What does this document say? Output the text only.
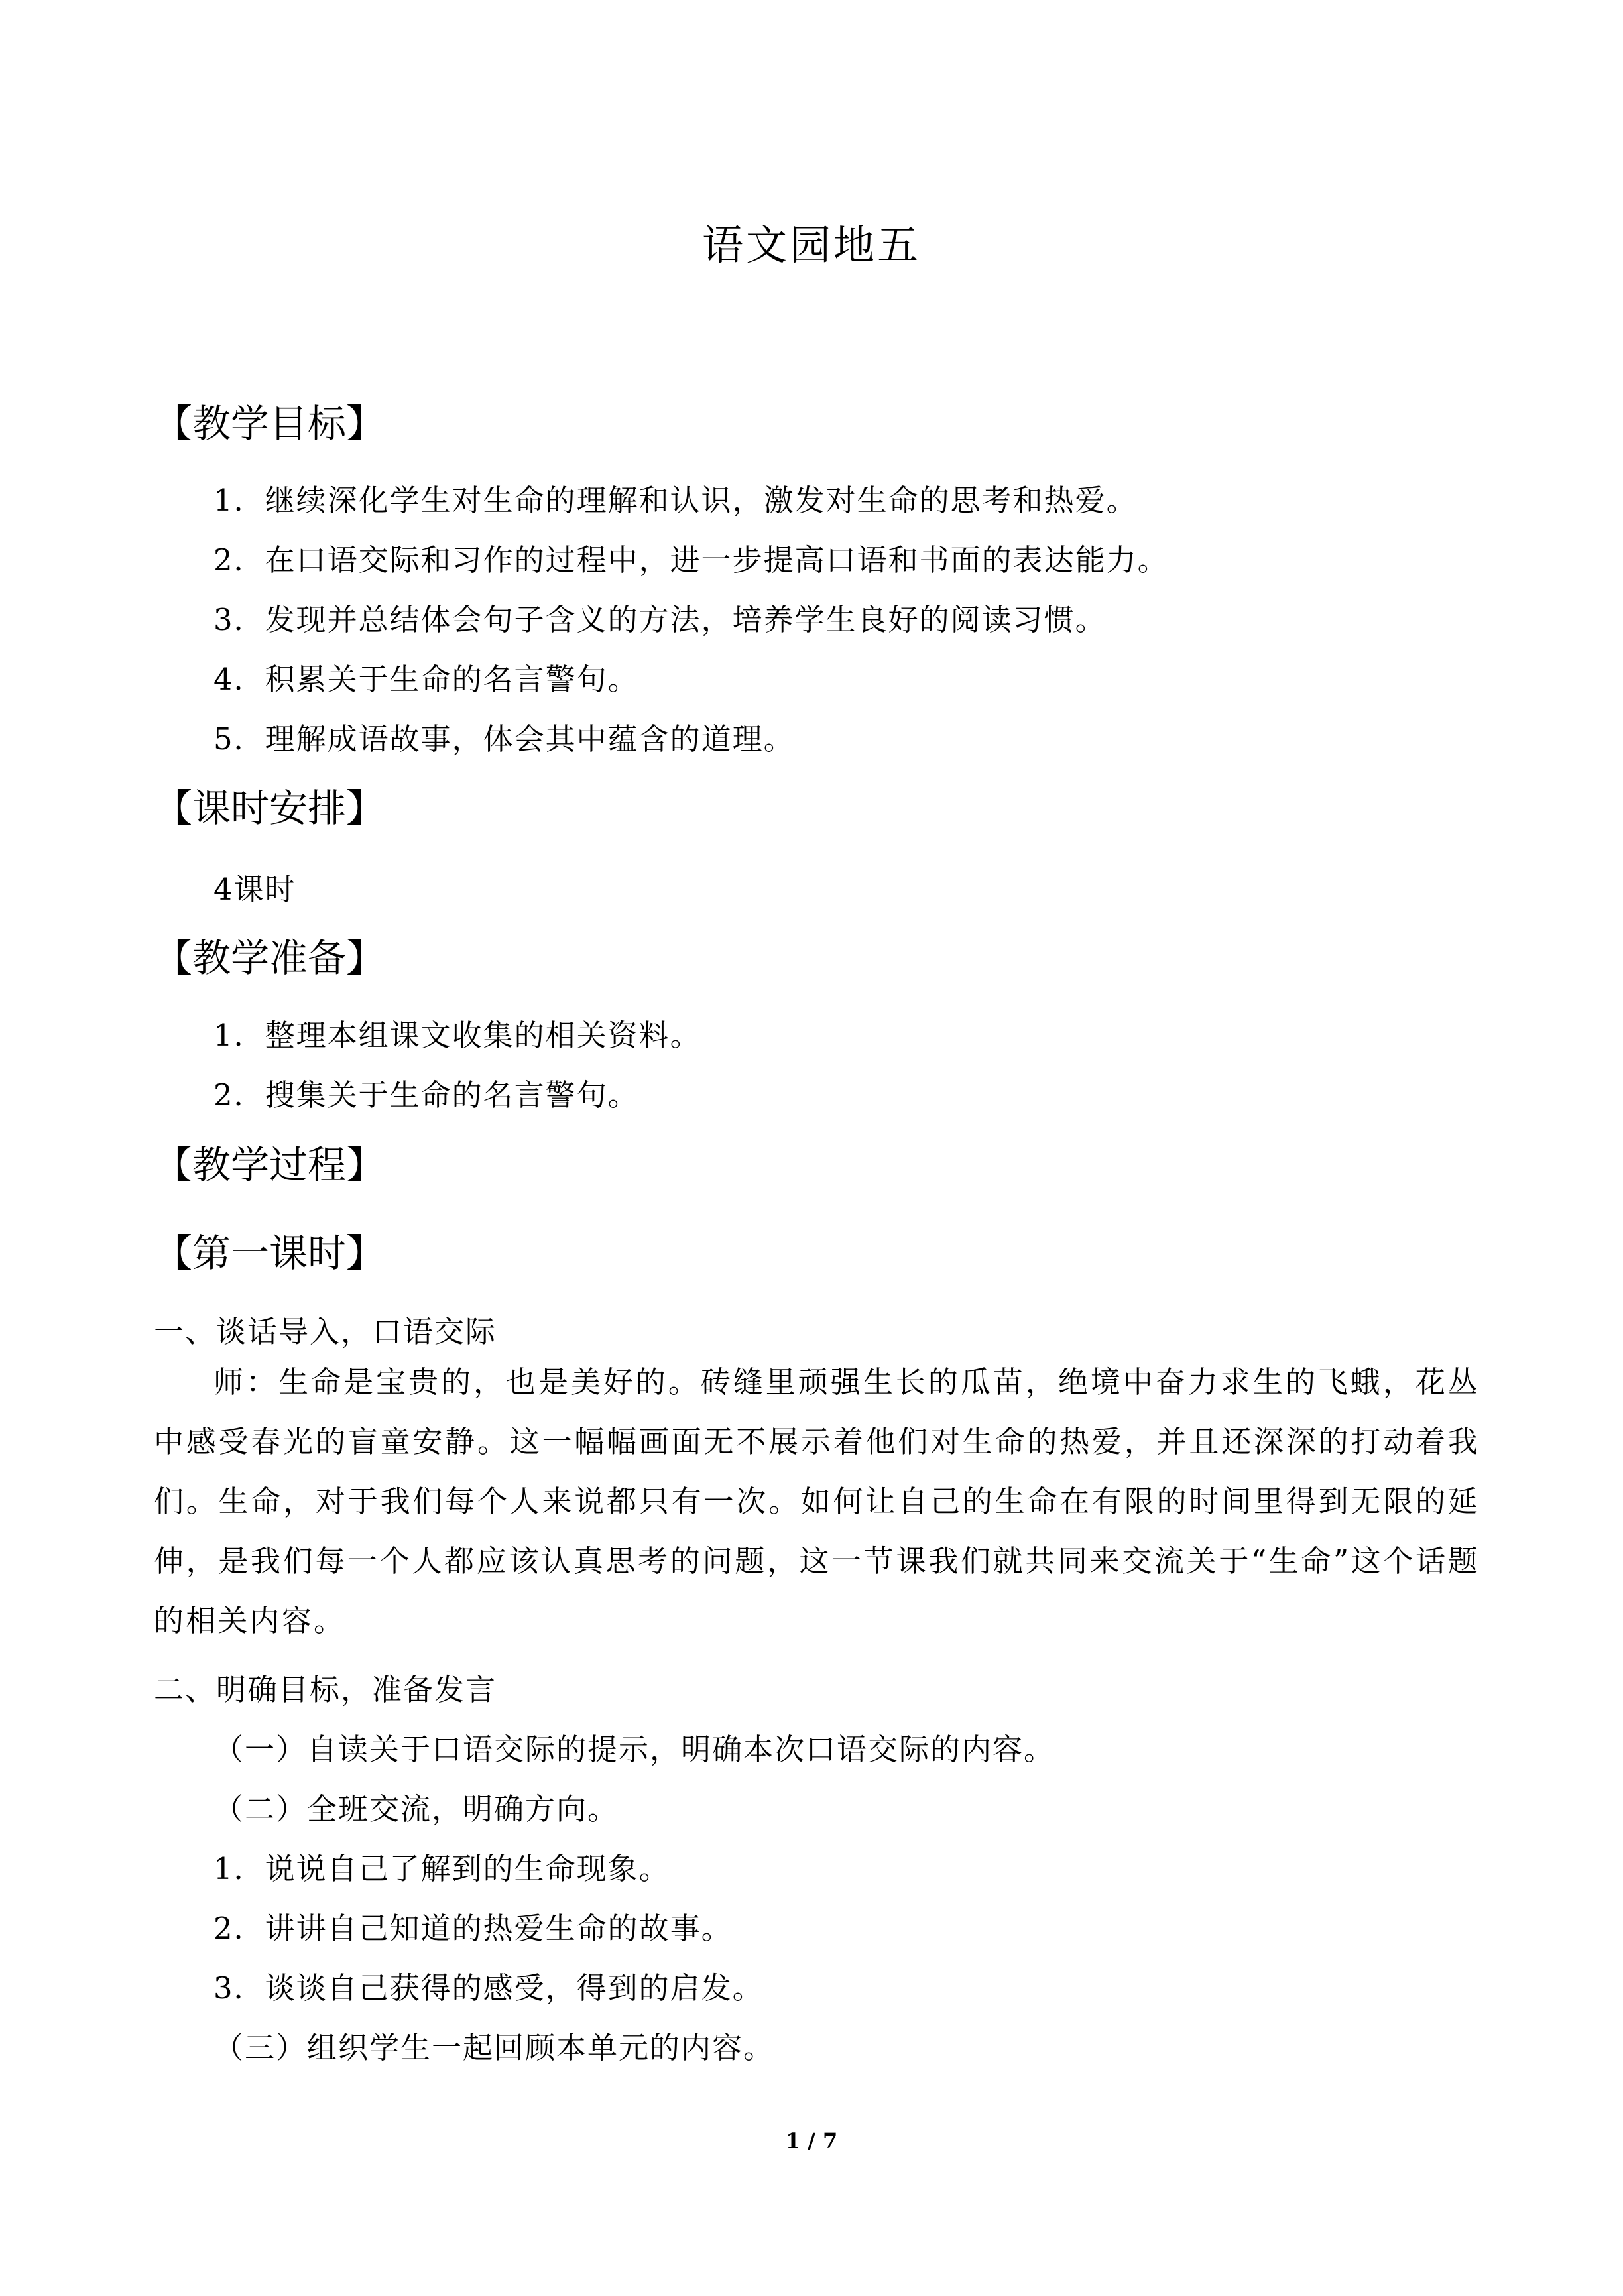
语文园地五
【教学目标】
1．继续深化学生对生命的理解和认识，激发对生命的思考和热爱。
2．在口语交际和习作的过程中，进一步提高口语和书面的表达能力。
3．发现并总结体会句子含义的方法，培养学生良好的阅读习惯。
4．积累关于生命的名言警句。
5．理解成语故事，体会其中蕴含的道理。
【课时安排】
4课时
【教学准备】
1．整理本组课文收集的相关资料。
2．搜集关于生命的名言警句。
【教学过程】
【第一课时】
一、谈话导入，口语交际
师：生命是宝贵的，也是美好的。砖缝里顽强生长的瓜苗，绝境中奋力求生的飞蛾，花丛中感受春光的盲童安静。这一幅幅画面无不展示着他们对生命的热爱，并且还深深的打动着我们。生命，对于我们每个人来说都只有一次。如何让自己的生命在有限的时间里得到无限的延伸，是我们每一个人都应该认真思考的问题，这一节课我们就共同来交流关于“生命”这个话题的相关内容。
二、明确目标，准备发言
（一）自读关于口语交际的提示，明确本次口语交际的内容。
（二）全班交流，明确方向。
1．说说自己了解到的生命现象。
2．讲讲自己知道的热爱生命的故事。
3．谈谈自己获得的感受，得到的启发。
（三）组织学生一起回顾本单元的内容。
1 / 7
